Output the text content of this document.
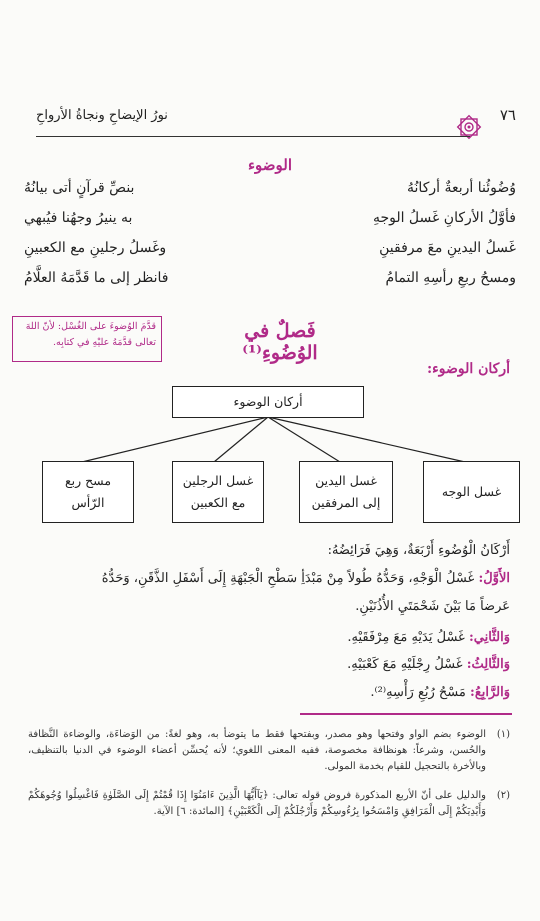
٧٦
نورُ الإيضاحِ ونجاةُ الأرواحِ
الوضوء
وُضُوئُنا أربعةٌ أركانُهُ
بنصِّ قرآنٍ أتى بيانُهُ
فأوَّلُ الأركانِ غَسلُ الوجهِ
به ينيرُ وجهُنا فيُبهي
غَسلُ اليدينِ معَ مرفقينِ
وغَسلُ رجلينِ مع الكعبينِ
ومسحُ ربعِ رأسِهِ التمامُ
فانظر إلى ما قَدَّمَهُ العلَّامُ
قدَّمَ الوُضوءَ على الغُسْل: لأنّ اللهَ تعالى قدَّمَهُ عليْهِ في كتابِه.
فَصلٌ في الوُضُوءِ⁽¹⁾
أركان الوضوء:
أركان الوضوء
غسل الوجه
غسل اليدين
إلى المرفقين
غسل الرجلين
مع الكعبين
مسح ربع
الرّأس
أَرْكَانُ الْوُضُوءِ أَرْبَعَةٌ، وَهِيَ فَرَائِضُهُ:
الأَوَّلُ: غَسْلُ الْوَجْهِ، وَحَدُّهُ طُولاً مِنْ مَبْدَأِ سَطْحِ الْجَبْهَةِ إِلَى أَسْفَلِ الذَّقَنِ، وَحَدُّهُ
عَرضاً مَا بَيْنَ شَحْمَتَيِ الأُذُنَيْنِ.
وَالثَّانِي: غَسْلُ يَدَيْهِ مَعَ مِرْفَقَيْهِ.
وَالثَّالِثُ: غَسْلُ رِجْلَيْهِ مَعَ كَعْبَيْهِ.
وَالرَّابِعُ: مَسْحُ رُبُعِ رَأْسِهِ⁽²⁾.
(١)
الوضوء بضم الواو وفتحها وهو مصدر، وبفتحها فقط ما يتوضأ به، وهو لغةً: من الوَضاءَة، والوضاءة النَّظافة والحُسن، وشرعاً: هونظافة مخصوصة، ففيه المعنى اللغوي؛ لأنه يُحسِّن أعضاء الوضوء في الدنيا بالتنظيف، وبالأخرة بالتحجيل للقيام بخدمة المولى.
(٢)
والدليل على أنّ الأربع المذكورة فروض قوله تعالى: ﴿يَآأَيُّهَا الَّذِينَ ءَامَنُوٓا إِذَا قُمْتُمْ إِلَى الصَّلَوٰةِ فَاغْسِلُوا وُجُوهَكُمْ وَأَيْدِيَكُمْ إِلَى الْمَرَافِقِ وَامْسَحُوا بِرُءُوسِكُمْ وَأَرْجُلَكُمْ إِلَى الْكَعْبَيْنِ﴾ [المائدة: ٦] الآية.
